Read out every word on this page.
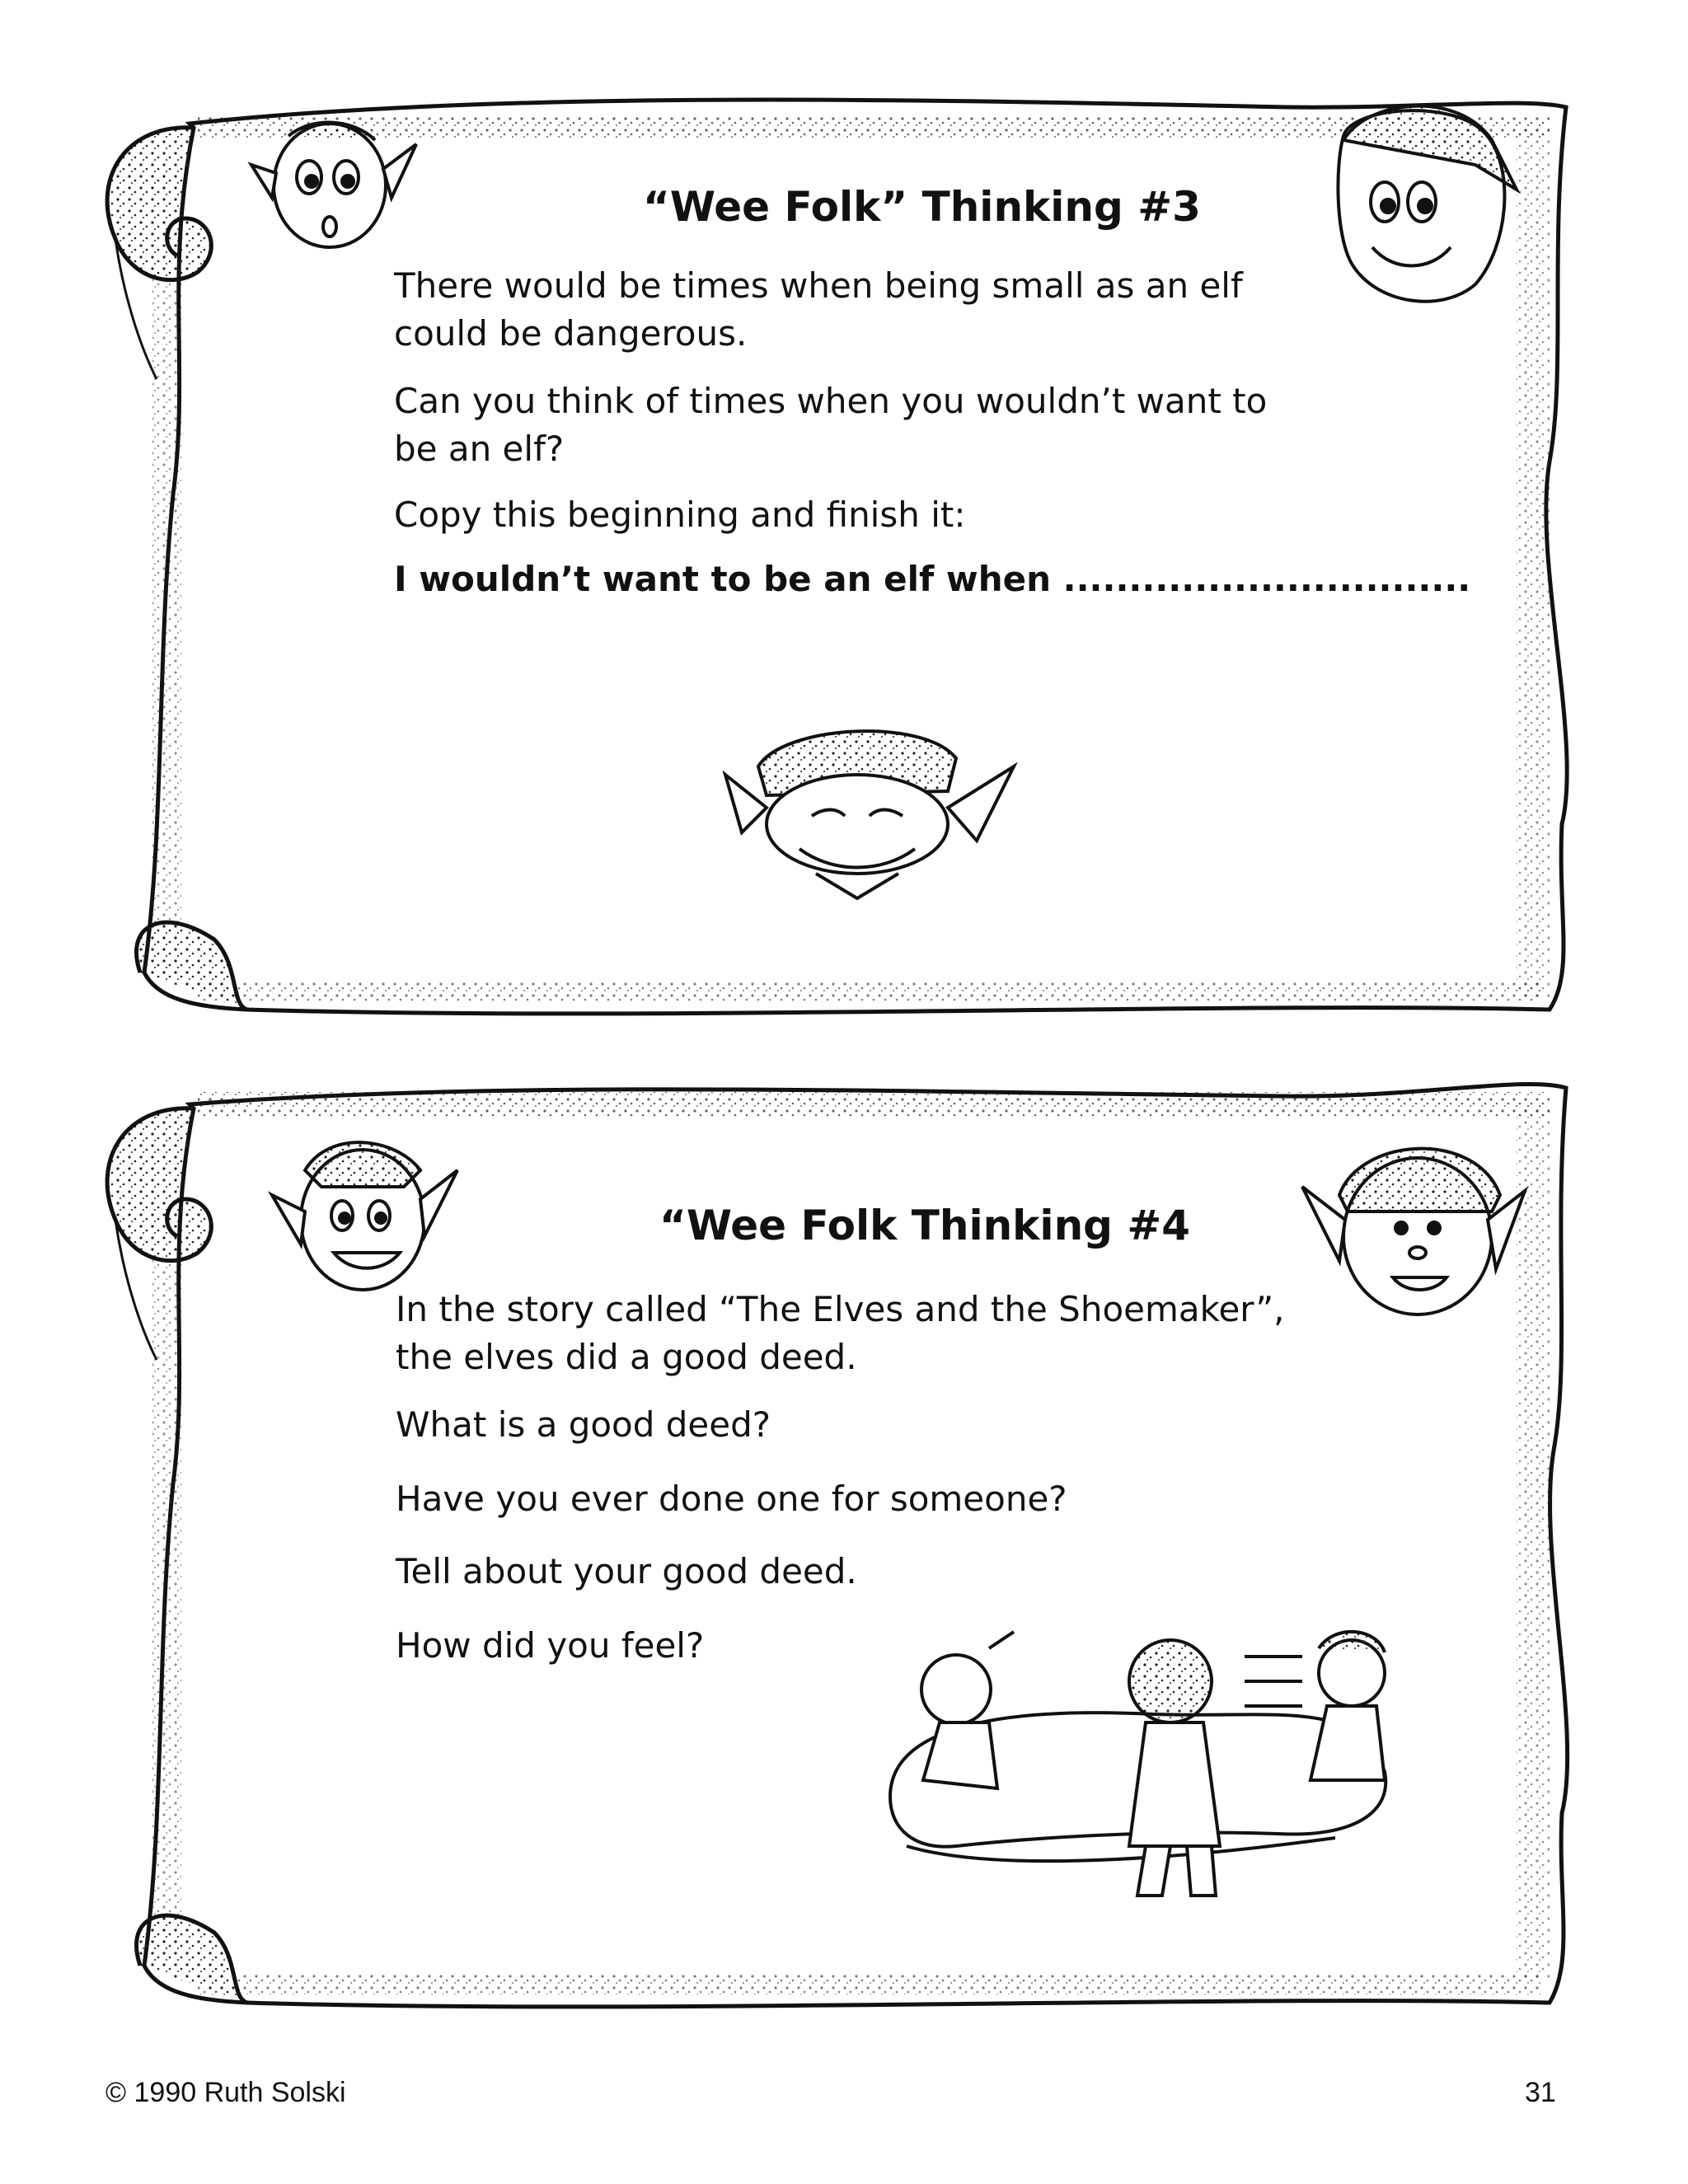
“Wee Folk” Thinking #3
There would be times when being small as an elf
could be dangerous.
Can you think of times when you wouldn’t want to
be an elf?
Copy this beginning and finish it:
I wouldn’t want to be an elf when ...............................
“Wee Folk Thinking #4
In the story called “The Elves and the Shoemaker”,
the elves did a good deed.
What is a good deed?
Have you ever done one for someone?
Tell about your good deed.
How did you feel?
© 1990 Ruth Solski	31
